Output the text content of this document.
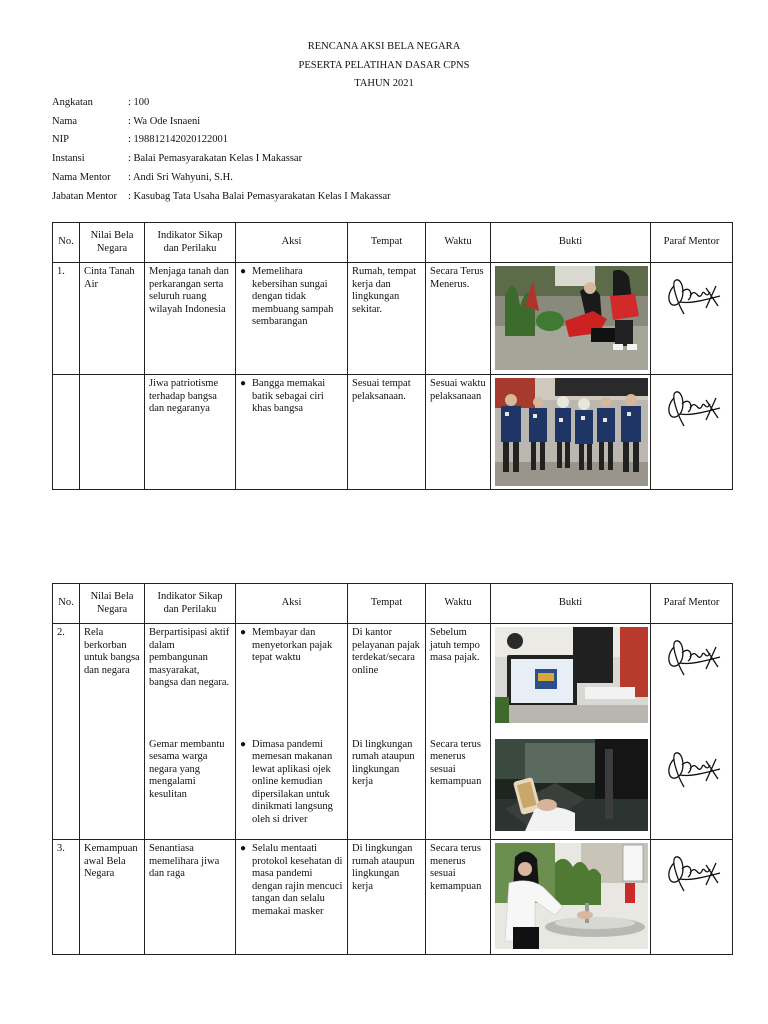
RENCANA AKSI BELA NEGARA
PESERTA PELATIHAN DASAR CPNS
TAHUN 2021
Angkatan	: 100
Nama	: Wa Ode Isnaeni
NIP	: 198812142020122001
Instansi	: Balai Pemasyarakatan Kelas I Makassar
Nama Mentor : Andi Sri Wahyuni, S.H.
Jabatan Mentor : Kasubag Tata Usaha Balai Pemasyarakatan Kelas I Makassar
No.	Nilai Bela Negara	Indikator Sikap dan Perilaku	Aksi	Tempat	Waktu	Bukti	Paraf Mentor
1.	Cinta Tanah Air	Menjaga tanah dan perkarangan serta seluruh ruang wilayah Indonesia	● Memelihara kebersihan sungai dengan tidak membuang sampah sembarangan	Rumah, tempat kerja dan lingkungan sekitar.	Secara Terus Menerus.	

		Jiwa patriotisme terhadap bangsa dan negaranya	● Bangga memakai batik sebagai ciri khas bangsa	Sesuai tempat pelaksanaan.	Sesuai waktu pelaksanaan	

No.	Nilai Bela Negara	Indikator Sikap dan Perilaku	Aksi	Tempat	Waktu	Bukti	Paraf Mentor
2.	Rela berkorban untuk bangsa dan negara	Berpartisipasi aktif dalam pembangunan masyarakat, bangsa dan negara.	● Membayar dan menyetorkan pajak tepat waktu	Di kantor pelayanan pajak terdekat/secara online	Sebelum jatuh tempo masa pajak.	

		Gemar membantu sesama warga negara yang mengalami kesulitan	● Dimasa pandemi memesan makanan lewat aplikasi ojek online kemudian dipersilakan untuk dinikmati langsung oleh si driver	Di lingkungan rumah ataupun lingkungan kerja	Secara terus menerus sesuai kemampuan	

3.	Kemampuan awal Bela Negara	Senantiasa memelihara jiwa dan raga	● Selalu mentaati protokol kesehatan di masa pandemi dengan rajin mencuci tangan dan selalu memakai masker	Di lingkungan rumah ataupun lingkungan kerja	Secara terus menerus sesuai kemampuan	
